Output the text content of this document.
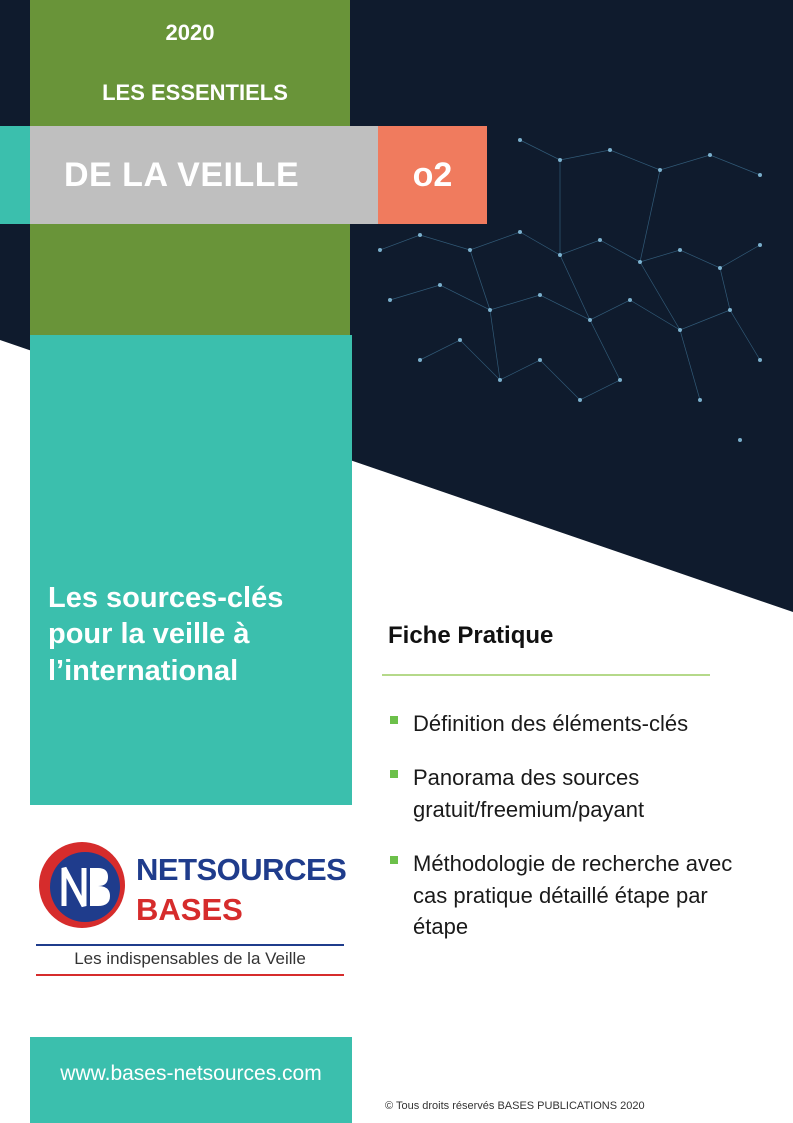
2020
LES ESSENTIELS
DE LA VEILLE	o2
Les sources-clés pour la veille à l’international
Fiche Pratique
Définition des éléments-clés
Panorama des sources gratuit/freemium/payant
Méthodologie de recherche avec cas pratique détaillé étape par étape
NETSOURCES
BASES
Les indispensables de la Veille
www.bases-netsources.com
© Tous droits réservés BASES PUBLICATIONS 2020
